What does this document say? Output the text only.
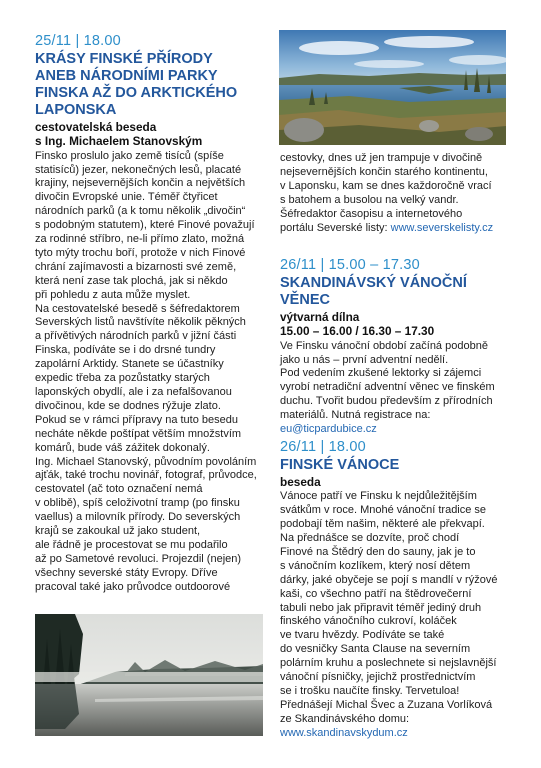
25/11 | 18.00
KRÁSY FINSKÉ PŘÍRODY
ANEB NÁRODNÍMI PARKY
FINSKA AŽ DO ARKTICKÉHO
LAPONSKA
cestovatelská beseda
s Ing. Michaelem Stanovským
Finsko proslulo jako země tisíců (spíše
statisíců) jezer, nekonečných lesů, placaté
krajiny, nejsevernějších končin a největších
divočin Evropské unie. Téměř čtyřicet
národních parků (a k tomu několik „divočin“
s podobným statutem), které Finové považují
za rodinné stříbro, ne-li přímo zlato, možná
tyto mýty trochu boří, protože v nich Finové
chrání zajímavosti a bizarnosti své země,
která není zase tak plochá, jak si někdo
při pohledu z auta může myslet.
Na cestovatelské besedě s šéfredaktorem
Severských listů navštívíte několik pěkných
a přívětivých národních parků v jižní části
Finska, podíváte se i do drsné tundry
zapolární Arktidy. Stanete se účastníky
expedic třeba za pozůstatky starých
laponských obydlí, ale i za nefalšovanou
divočinou, kde se dodnes rýžuje zlato.
Pokud se v rámci přípravy na tuto besedu
necháte někde poštípat větším množstvím
komárů, bude váš zážitek dokonalý.
Ing. Michael Stanovský, původním povoláním
ajťák, také trochu novinář, fotograf, průvodce,
cestovatel (ač toto označení nemá
v oblibě), spíš celoživotní tramp (po finsku
vaellus) a milovník přírody. Do severských
krajů se zakoukal už jako student,
ale řádně je procestovat se mu podařilo
až po Sametové revoluci. Projezdil (nejen)
všechny severské státy Evropy. Dříve
pracoval také jako průvodce outdoorové
cestovky, dnes už jen trampuje v divočině
nejsevernějších končin starého kontinentu,
v Laponsku, kam se dnes každoročně vrací
s batohem a busolou na velký vandr.
Šéfredaktor časopisu a internetového
portálu Severské listy: www.severskelisty.cz
26/11 | 15.00 – 17.30
SKANDINÁVSKÝ VÁNOČNÍ VĚNEC
výtvarná dílna
15.00 – 16.00 / 16.30 – 17.30
Ve Finsku vánoční období začíná podobně
jako u nás – první adventní nedělí.
Pod vedením zkušené lektorky si zájemci
vyrobí netradiční adventní věnec ve finském
duchu. Tvořit budou především z přírodních
materiálů. Nutná registrace na:
eu@ticpardubice.cz
26/11 | 18.00
FINSKÉ VÁNOCE
beseda
Vánoce patří ve Finsku k nejdůležitějším
svátkům v roce. Mnohé vánoční tradice se
podobají těm našim, některé ale překvapí.
Na přednášce se dozvíte, proč chodí
Finové na Štědrý den do sauny, jak je to
s vánočním kozlíkem, který nosí dětem
dárky, jaké obyčeje se pojí s mandlí v rýžové
kaši, co všechno patří na štědrovečerní
tabuli nebo jak připravit téměř jediný druh
finského vánočního cukroví, koláček
ve tvaru hvězdy. Podíváte se také
do vesničky Santa Clause na severním
polárním kruhu a poslechnete si nejslavnější
vánoční písničky, jejichž prostřednictvím
se i trošku naučíte finsky. Tervetuloa!
Přednášejí Michal Švec a Zuzana Vorlíková
ze Skandinávského domu:
www.skandinavskydum.cz
